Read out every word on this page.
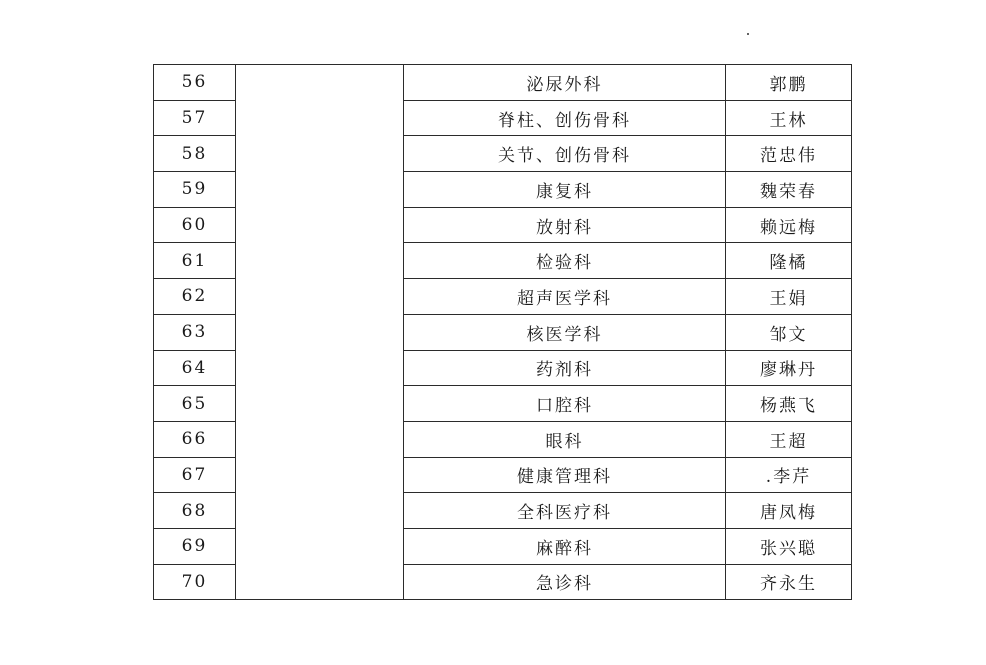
56		泌尿外科	郭鹏
57		脊柱、创伤骨科	王林
58		关节、创伤骨科	范忠伟
59		康复科	魏荣春
60		放射科	赖远梅
61		检验科	隆橘
62		超声医学科	王娟
63		核医学科	邹文
64		药剂科	廖琳丹
65		口腔科	杨燕飞
66		眼科	王超
67		健康管理科	.李芹
68		全科医疗科	唐凤梅
69		麻醉科	张兴聪
70		急诊科	齐永生
